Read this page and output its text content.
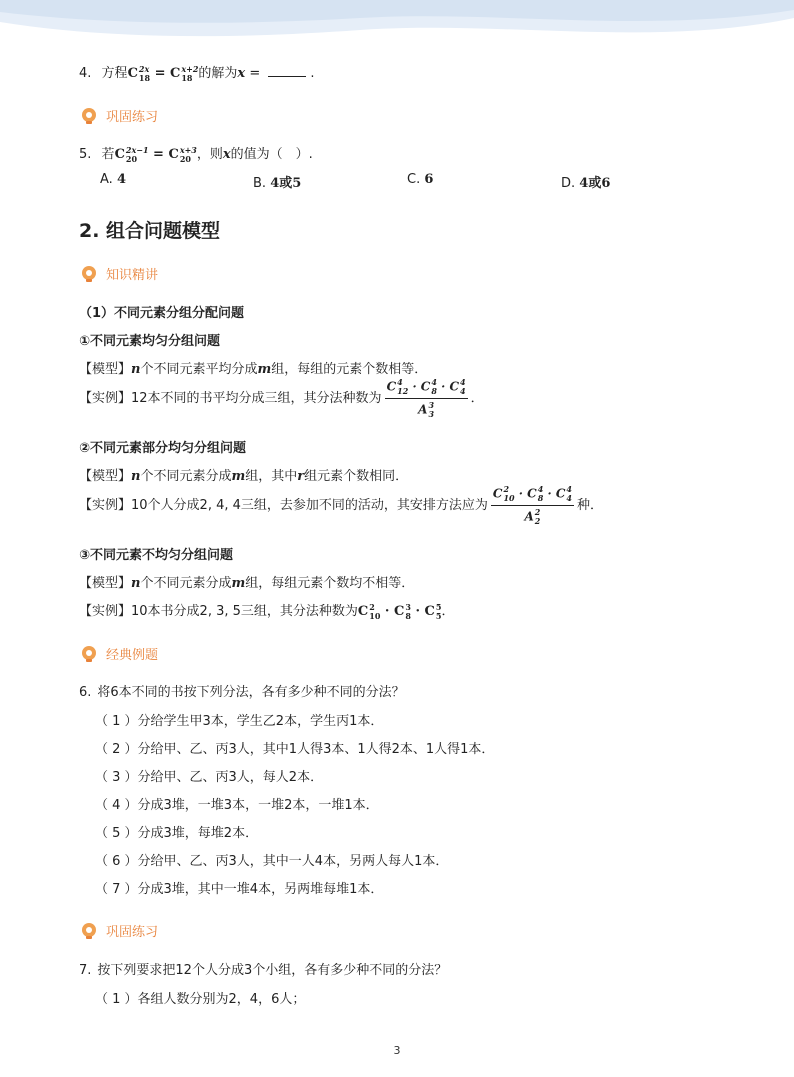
4. 方程C 2x
18 = C x+2
18 的解为x =	.
巩固练习
5. 若C 2x−1
20 = C x+3
20 ，则x的值为（　）.
A. 4	B. 4或5	C. 6	D. 4或6
2. 组合问题模型
知识精讲
（1）不同元素分组分配问题
①不同元素均匀分组问题
【模型】n个不同元素平均分成m组，每组的元素个数相等．
【实例】12本不同的书平均分成三组，其分法种数为 C 4
12 · C 4
8 · C 4
4
A 3
3 ．
②不同元素部分均匀分组问题
【模型】n个不同元素分成m组，其中r组元素个数相同．
【实例】10个人分成2, 4, 4三组，去参加不同的活动，其安排方法应为 C 2
10 · C 4
8 · C 4
4
A 2
2 种．
③不同元素不均匀分组问题
【模型】n个不同元素分成m组，每组元素个数均不相等．
【实例】10本书分成2, 3, 5三组，其分法种数为C 2
10 · C 3
8 · C 5
5 ．
经典例题
6. 将6本不同的书按下列分法，各有多少种不同的分法？
（ 1 ）分给学生甲3本，学生乙2本，学生丙1本．
（ 2 ）分给甲、乙、丙3人，其中1人得3本、1人得2本、1人得1本．
（ 3 ）分给甲、乙、丙3人，每人2本．
（ 4 ）分成3堆，一堆3本，一堆2本，一堆1本．
（ 5 ）分成3堆，每堆2本．
（ 6 ）分给甲、乙、丙3人，其中一人4本，另两人每人1本．
（ 7 ）分成3堆，其中一堆4本，另两堆每堆1本．
巩固练习
7. 按下列要求把12个人分成3个小组，各有多少种不同的分法？
（ 1 ）各组人数分别为2，4，6人；
3
